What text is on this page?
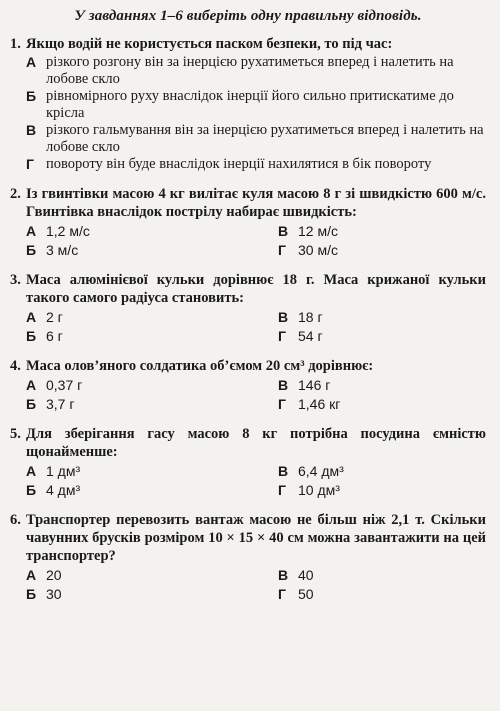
У завданнях 1–6 виберіть одну правильну відповідь.
1. Якщо водій не користується паском безпеки, то під час:
А різкого розгону він за інерцією рухатиметься вперед і налетить на лобове скло
Б рівномірного руху внаслідок інерції його сильно притискатиме до крісла
В різкого гальмування він за інерцією рухатиметься вперед і налетить на лобове скло
Г повороту він буде внаслідок інерції нахилятися в бік повороту
2. Із гвинтівки масою 4 кг вилітає куля масою 8 г зі швидкістю 600 м/с. Гвинтівка внаслідок пострілу набирає швидкість:
А 1,2 м/с	В 12 м/с
Б 3 м/с	Г 30 м/с
3. Маса алюмінієвої кульки дорівнює 18 г. Маса крижаної кульки такого самого радіуса становить:
А 2 г	В 18 г
Б 6 г	Г 54 г
4. Маса олов’яного солдатика об’ємом 20 см³ дорівнює:
А 0,37 г	В 146 г
Б 3,7 г	Г 1,46 кг
5. Для зберігання гасу масою 8 кг потрібна посудина ємністю щонайменше:
А 1 дм³	В 6,4 дм³
Б 4 дм³	Г 10 дм³
6. Транспортер перевозить вантаж масою не більш ніж 2,1 т. Скільки чавунних брусків розміром 10 × 15 × 40 см можна завантажити на цей транспортер?
А 20	В 40
Б 30	Г 50
